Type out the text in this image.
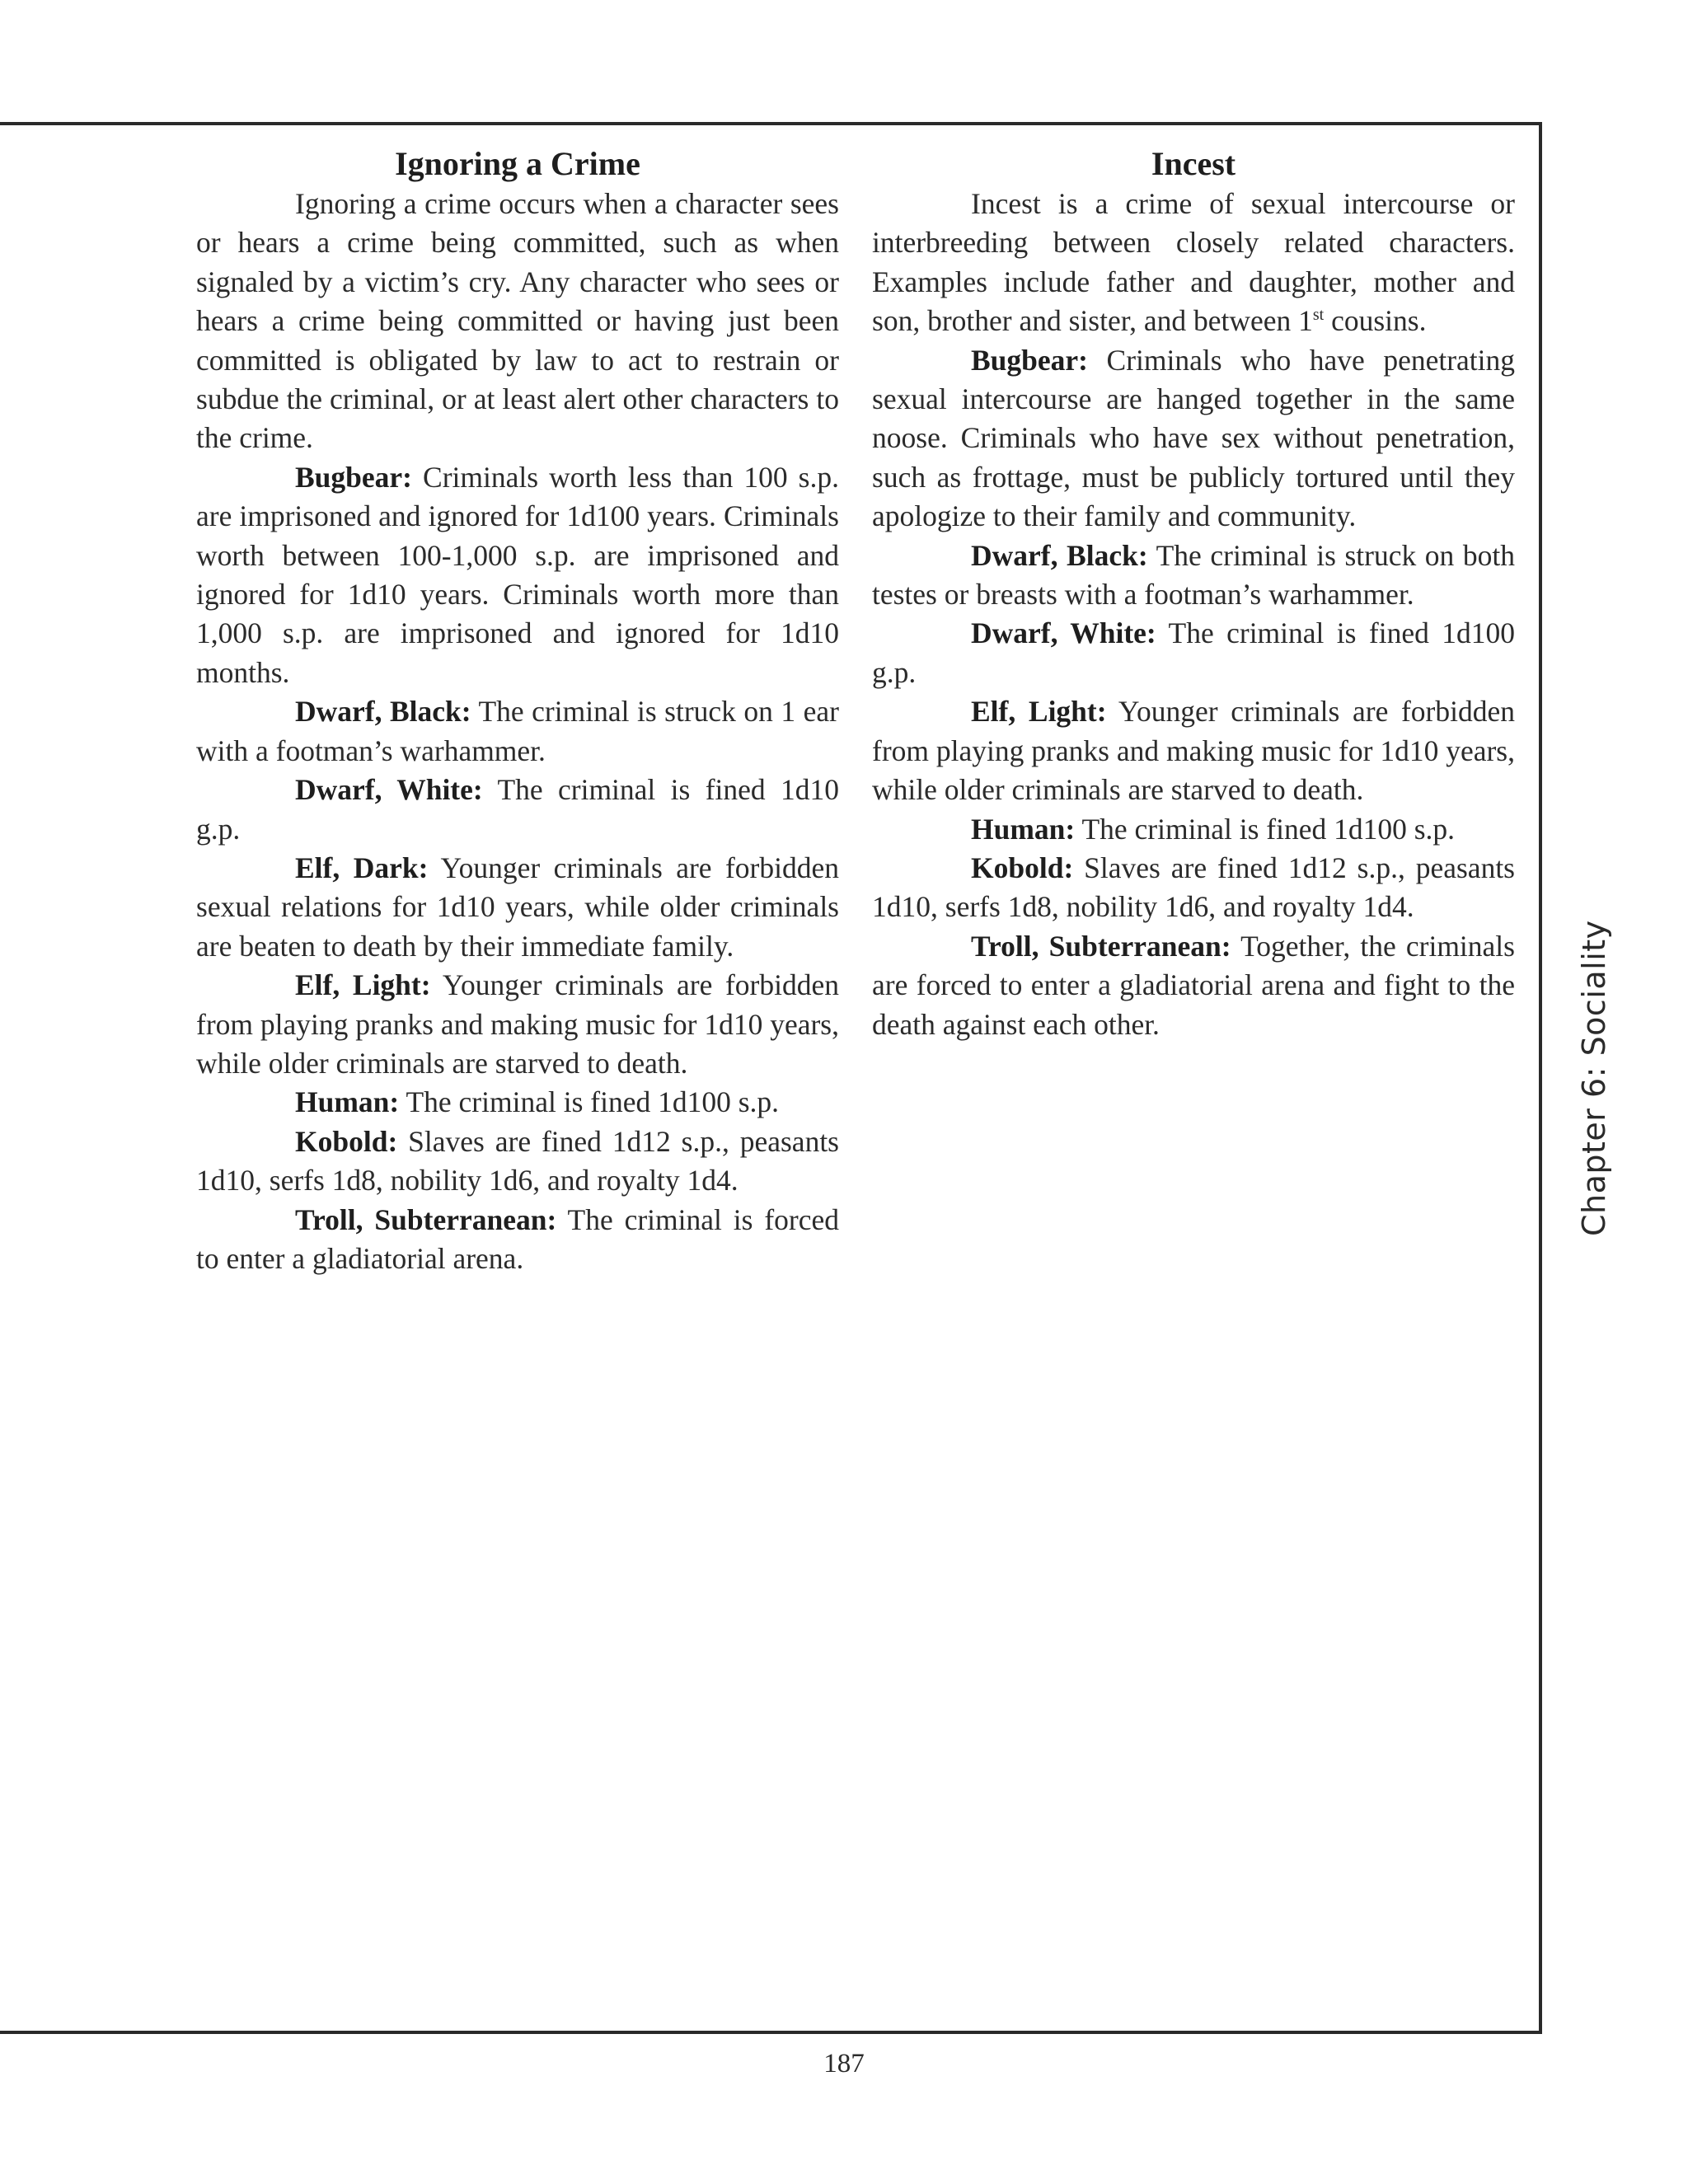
Ignoring a Crime

Ignoring a crime occurs when a character sees or hears a crime being committed, such as when signaled by a victim’s cry. Any character who sees or hears a crime being committed or having just been committed is obligated by law to act to restrain or subdue the criminal, or at least alert other characters to the crime.

Bugbear: Criminals worth less than 100 s.p. are imprisoned and ignored for 1d100 years. Criminals worth between 100-1,000 s.p. are imprisoned and ignored for 1d10 years. Criminals worth more than 1,000 s.p. are imprisoned and ignored for 1d10 months.

Dwarf, Black: The criminal is struck on 1 ear with a footman’s warhammer.

Dwarf, White: The criminal is fined 1d10 g.p.

Elf, Dark: Younger criminals are forbidden sexual relations for 1d10 years, while older criminals are beaten to death by their immediate family.

Elf, Light: Younger criminals are forbidden from playing pranks and making music for 1d10 years, while older criminals are starved to death.

Human: The criminal is fined 1d100 s.p.

Kobold: Slaves are fined 1d12 s.p., peasants 1d10, serfs 1d8, nobility 1d6, and royalty 1d4.

Troll, Subterranean: The criminal is forced to enter a gladiatorial arena.

Incest

Incest is a crime of sexual intercourse or interbreeding between closely related characters. Examples include father and daughter, mother and son, brother and sister, and between 1st cousins.

Bugbear: Criminals who have penetrating sexual intercourse are hanged together in the same noose. Criminals who have sex without penetration, such as frottage, must be publicly tortured until they apologize to their family and community.

Dwarf, Black: The criminal is struck on both testes or breasts with a footman’s warhammer.

Dwarf, White: The criminal is fined 1d100 g.p.

Elf, Light: Younger criminals are forbidden from playing pranks and making music for 1d10 years, while older criminals are starved to death.

Human: The criminal is fined 1d100 s.p.

Kobold: Slaves are fined 1d12 s.p., peasants 1d10, serfs 1d8, nobility 1d6, and royalty 1d4.

Troll, Subterranean: Together, the criminals are forced to enter a gladiatorial arena and fight to the death against each other.	Chapter 6: Sociality
187
